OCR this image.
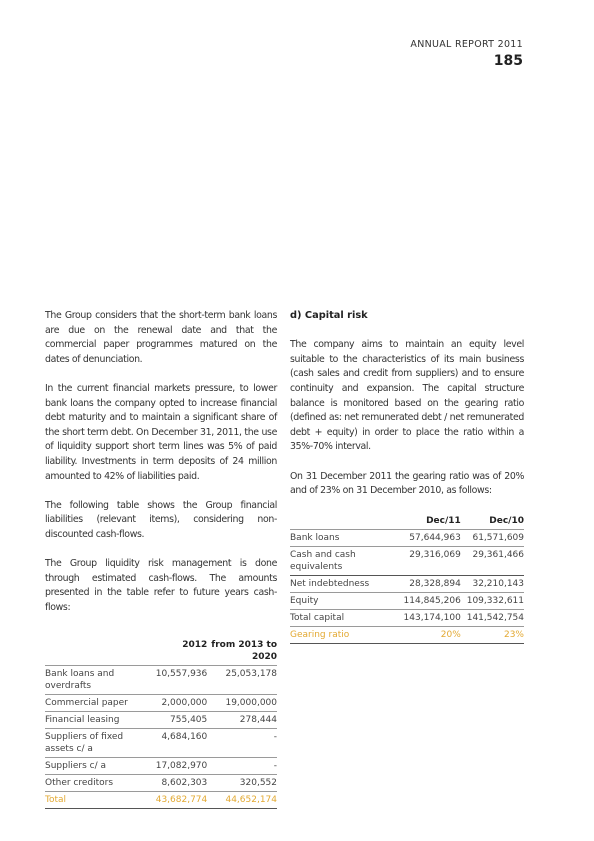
ANNUAL REPORT 2011
185

The Group considers that the short-term bank loans are due on the renewal date and that the commercial paper programmes matured on the dates of denunciation.

In the current financial markets pressure, to lower bank loans the company opted to increase financial debt maturity and to maintain a significant share of the short term debt. On December 31, 2011, the use of liquidity support short term lines was 5% of paid liability. Investments in term deposits of 24 million amounted to 42% of liabilities paid.

The following table shows the Group financial liabilities (relevant items), considering non-discounted cash-flows.

The Group liquidity risk management is done through estimated cash-flows. The amounts presented in the table refer to future years cash-flows:

	2012	from 2013 to 2020
Bank loans and overdrafts	10,557,936	25,053,178
Commercial paper	2,000,000	19,000,000
Financial leasing	755,405	278,444
Suppliers of fixed assets c/ a	4,684,160	-
Suppliers c/ a	17,082,970	-
Other creditors	8,602,303	320,552
Total	43,682,774	44,652,174
d) Capital risk

The company aims to maintain an equity level suitable to the characteristics of its main business (cash sales and credit from suppliers) and to ensure continuity and expansion. The capital structure balance is monitored based on the gearing ratio (defined as: net remunerated debt / net remunerated debt + equity) in order to place the ratio within a 35%-70% interval.

On 31 December 2011 the gearing ratio was of 20% and of 23% on 31 December 2010, as follows:

	Dec/11	Dec/10
Bank loans	57,644,963	61,571,609
Cash and cash equivalents	29,316,069	29,361,466
Net indebtedness	28,328,894	32,210,143
Equity	114,845,206	109,332,611
Total capital	143,174,100	141,542,754
Gearing ratio	20%	23%
